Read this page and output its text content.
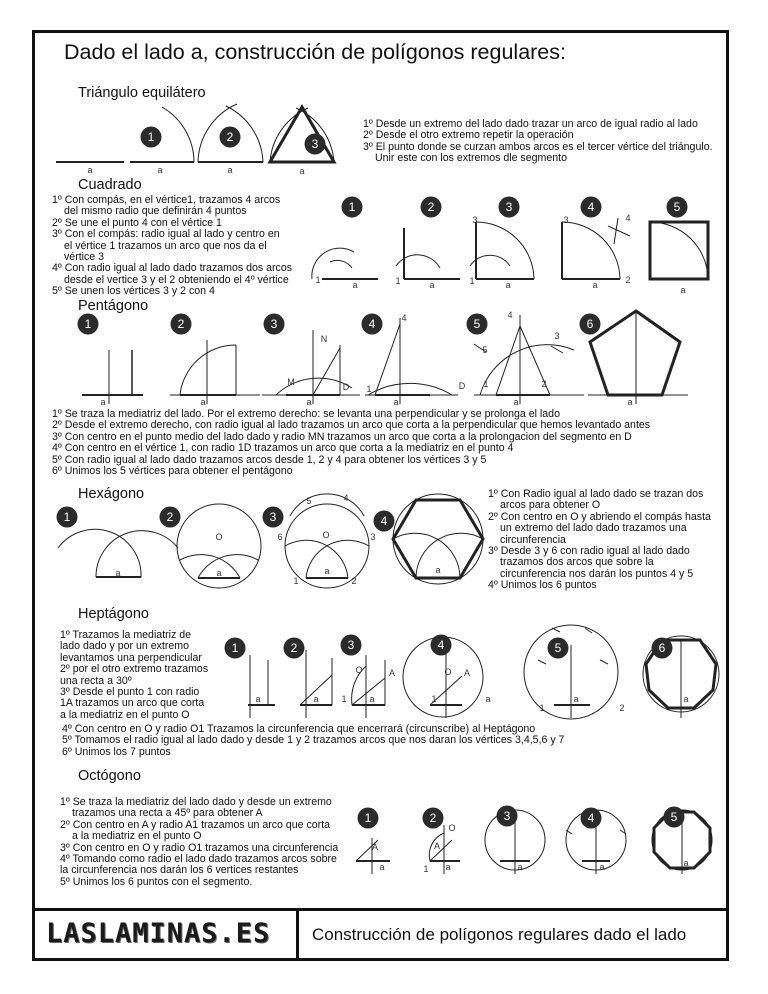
Dado el lado a, construcción de polígonos regulares:
Triángulo equilátero
1º Desde un extremo del lado dado trazar un arco de igual radio al lado
2º Desde el otro extremo repetir la operación
3º El punto donde se curzan ambos arcos es el tercer vértice del triángulo.
Unir este con los extremos dle segmento
Cuadrado
1º Con compás, en el vértice1, trazamos 4 arcos
del mismo radio que definirán 4 puntos
2º Se une el punto 4 con el vértice 1
3º Con el compás: radio igual al lado y centro en
el vértice 1 trazamos un arco que nos da el
vértice 3
4º Con radio igual al lado dado trazamos dos arcos
desde el vertice 3 y el 2 obteniendo el 4º vértice
5º Se unen los vértices 3 y 2 con 4
Pentágono
1º Se traza la mediatriz del lado. Por el extremo derecho: se levanta una perpendicular y se prolonga el lado
2º Desde el extremo derecho, con radio igual al lado trazamos un arco que corta a la perpendicular que hemos levantado antes
3º Con centro en el punto medio del lado dado y radio MN trazamos un arco que corta a la prolongacion del segmento en D
4º Con centro en el vértice 1, con radio 1D trazamos un arco que corta a la mediatriz en el punto 4
5º Con radio igual al lado dado trazamos arcos desde 1, 2 y 4 para obtener los vértices 3 y 5
6º Unimos los 5 vértices para obtener el pentágono
Hexágono	1º Con Radio igual al lado dado se trazan dos
arcos para obtener O
2º Con centro en O y abriendo el compás hasta
un extremo del lado dado trazamos una
circunferencia
3º Desde 3 y 6 con radio igual al lado dado
trazamos dos arcos que sobre la
circunferencia nos darán los puntos 4 y 5
4º Unimos los 6 puntos
Heptágono
1º Trazamos la mediatriz de
lado dado y por un extremo
levantamos una perpendicular
2º por el otro extremo trazamos
una recta a 30º
3º Desde el punto 1 con radio
1A trazamos un arco que corta
a la mediatriz en el punto O
4º Con centro en O y radio O1 Trazamos la circunferencia que encerrará (circunscribe) al Heptágono
5º Tomamos el radio igual al lado dado y desde 1 y 2 trazamos arcos que nos daran los vértices 3,4,5,6 y 7
6º Unimos los 7 puntos
Octógono
1º Se traza la mediatriz del lado dado y desde un extremo
trazamos una recta a 45º para obtener A
2º Con centro en A y radio A1 trazamos un arco que corta
a la mediatriz en el punto O
3º Con centro en O y radio O1 trazamos una circunferencia
4º Tomando como radio el lado dado trazamos arcos sobre
la circunferencia nos darán los 6 vertices restantes
5º Unimos los 6 puntos con el segmento.
LASLAMINAS.ES Construcción de polígonos regulares dado el lado
1	2	3
a	a	a	a
1	2	3	4	5
1	a	1	a	1
3
a
3	4
2
a	a
1	2	3	4	5	6
a	a
N
M	D
a
1
4
a
D
4
5
3
1	2
a	a
1	2	3	4
a
O
a
O
5	4
6	3
a
1	2
a
1	2	3	4	5	6
a	a
O	A
1	a
O A
1	a
1
a
2
a
1	2	3	4	5
A
a
A
O
1 a	a	a	a
